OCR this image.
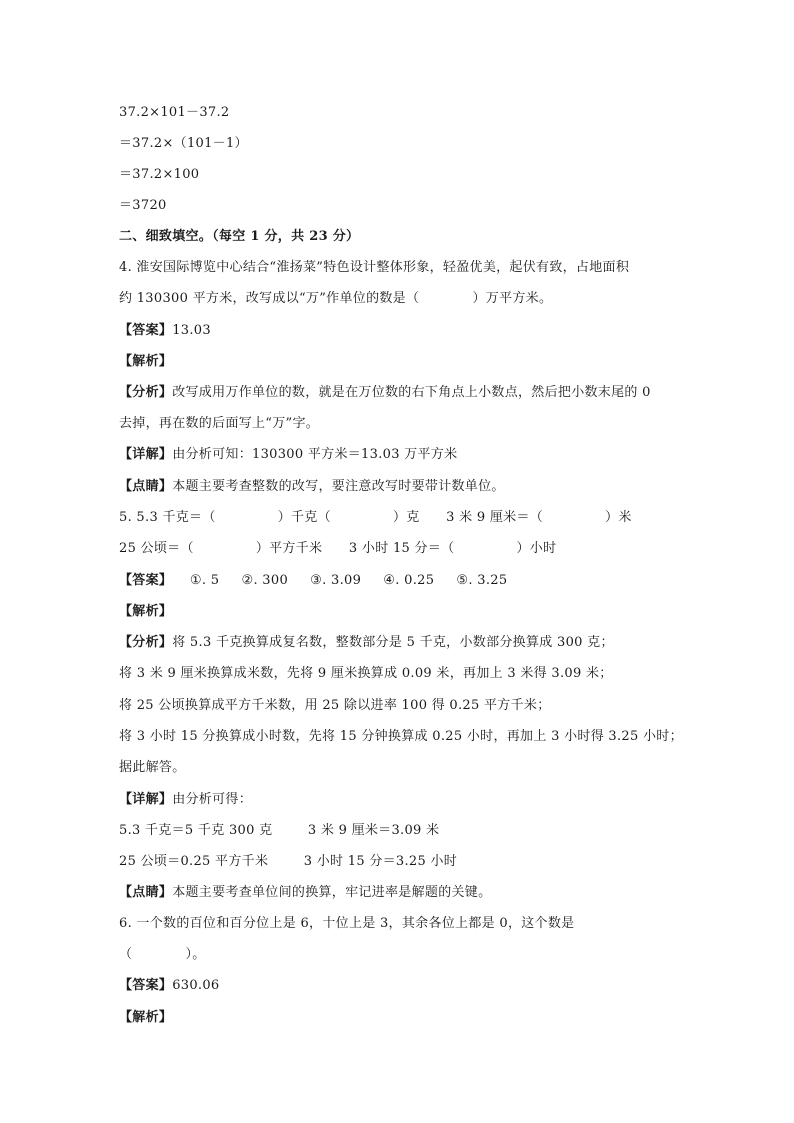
37.2×101－37.2
＝37.2×（101－1）
＝37.2×100
＝3720
二、细致填空。（每空 1 分，共 23 分）
4. 淮安国际博览中心结合“淮扬菜”特色设计整体形象，轻盈优美，起伏有致，占地面积
约 130300 平方米，改写成以“万”作单位的数是（            ）万平方米。
【答案】13.03
【解析】
【分析】改写成用万作单位的数，就是在万位数的右下角点上小数点，然后把小数末尾的 0
去掉，再在数的后面写上“万”字。
【详解】由分析可知：130300 平方米＝13.03 万平方米
【点睛】本题主要考查整数的改写，要注意改写时要带计数单位。
5. 5.3 千克＝（              ）千克（              ）克      3 米 9 厘米＝（              ）米
25 公顷＝（              ）平方千米      3 小时 15 分＝（              ）小时
【答案】    ①. 5     ②. 300     ③. 3.09     ④. 0.25     ⑤. 3.25
【解析】
【分析】将 5.3 千克换算成复名数，整数部分是 5 千克，小数部分换算成 300 克；
将 3 米 9 厘米换算成米数，先将 9 厘米换算成 0.09 米，再加上 3 米得 3.09 米；
将 25 公顷换算成平方千米数，用 25 除以进率 100 得 0.25 平方千米；
将 3 小时 15 分换算成小时数，先将 15 分钟换算成 0.25 小时，再加上 3 小时得 3.25 小时；
据此解答。
【详解】由分析可得：
5.3 千克＝5 千克 300 克        3 米 9 厘米＝3.09 米
25 公顷＝0.25 平方千米        3 小时 15 分＝3.25 小时
【点睛】本题主要考查单位间的换算，牢记进率是解题的关键。
6. 一个数的百位和百分位上是 6，十位上是 3，其余各位上都是 0，这个数是
（            ）。
【答案】630.06
【解析】
